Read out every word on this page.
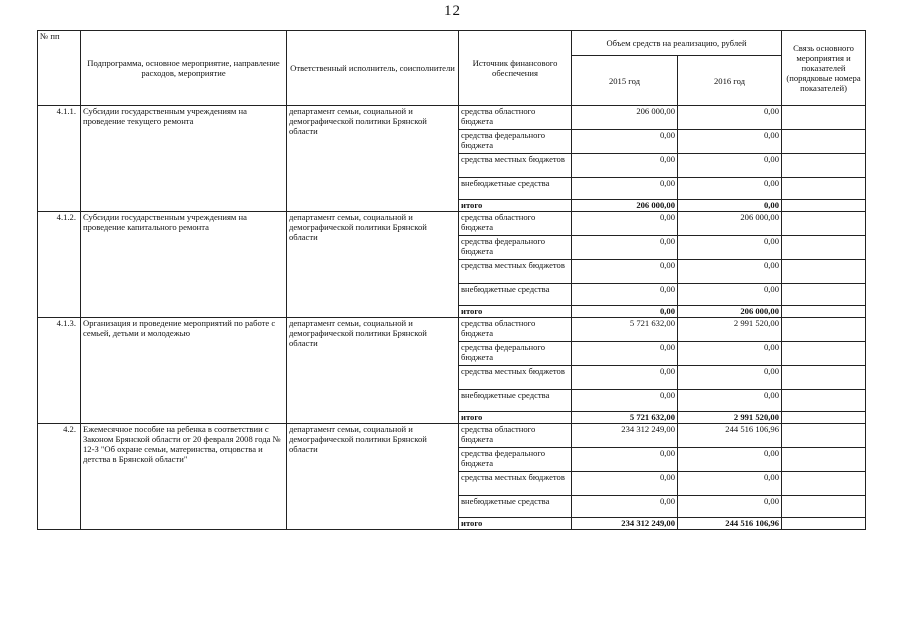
12
№ пп	Подпрограмма, основное мероприятие, направление расходов, мероприятие	Ответственный исполнитель, соисполнители	Источник финансового обеспечения	Объем средств на реализацию, рублей		Связь основного мероприятия и показателей (порядковые номера показателей)
				2015 год	2016 год	
4.1.1.	Субсидии государственным учреждениям на проведение текущего ремонта	департамент семьи, социальной и демографической политики Брянской области	средства областного бюджета	206 000,00	0,00	
			средства федерального бюджета	0,00	0,00	
			средства местных бюджетов	0,00	0,00	
			внебюджетные средства	0,00	0,00	
			итого	206 000,00	0,00	
4.1.2.	Субсидии государственным учреждениям на проведение капитального ремонта	департамент семьи, социальной и демографической политики Брянской области	средства областного бюджета	0,00	206 000,00	
			средства федерального бюджета	0,00	0,00	
			средства местных бюджетов	0,00	0,00	
			внебюджетные средства	0,00	0,00	
			итого	0,00	206 000,00	
4.1.3.	Организация и проведение мероприятий по работе с семьей, детьми и молодежью	департамент семьи, социальной и демографической политики Брянской области	средства областного бюджета	5 721 632,00	2 991 520,00	
			средства федерального бюджета	0,00	0,00	
			средства местных бюджетов	0,00	0,00	
			внебюджетные средства	0,00	0,00	
			итого	5 721 632,00	2 991 520,00	
4.2.	Ежемесячное пособие на ребенка в соответствии с Законом Брянской области от 20 февраля 2008 года № 12-З "Об охране семьи, материнства, отцовства и детства в Брянской области"	департамент семьи, социальной и демографической политики Брянской области	средства областного бюджета	234 312 249,00	244 516 106,96	
			средства федерального бюджета	0,00	0,00	
			средства местных бюджетов	0,00	0,00	
			внебюджетные средства	0,00	0,00	
			итого	234 312 249,00	244 516 106,96	
